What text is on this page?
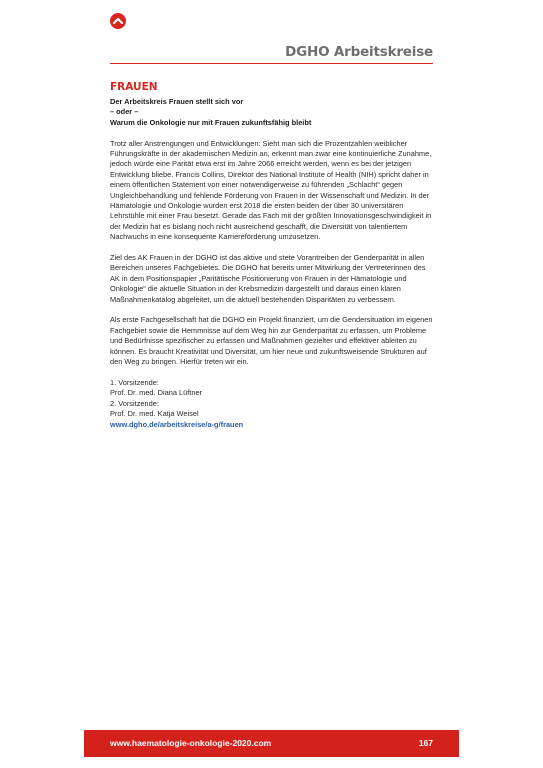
DGHO Arbeitskreise
FRAUEN
Der Arbeitskreis Frauen stellt sich vor
– oder –
Warum die Onkologie nur mit Frauen zukunftsfähig bleibt

Trotz aller Anstrengungen und Entwicklungen: Sieht man sich die Prozentzahlen weiblicher Führungskräfte in der akademischen Medizin an, erkennt man zwar eine kontinuierliche Zunahme, jedoch würde eine Parität etwa erst im Jahre 2066 erreicht werden, wenn es bei der jetzigen Entwicklung bliebe. Francis Collins, Direktor des National Institute of Health (NIH) spricht daher in einem öffentlichen Statement von einer notwendigerweise zu führenden „Schlacht“ gegen Ungleichbehandlung und fehlende Förderung von Frauen in der Wissenschaft und Medizin. In der Hämatologie und Onkologie wurden erst 2018 die ersten beiden der über 30 universitären Lehrstühle mit einer Frau besetzt. Gerade das Fach mit der größten Innovationsgeschwindigkeit in der Medizin hat es bislang noch nicht ausreichend geschafft, die Diversität von talentiertem Nachwuchs in eine konsequente Karriereförderung umzusetzen.

Ziel des AK Frauen in der DGHO ist das aktive und stete Vorantreiben der Genderparität in allen Bereichen unseres Fachgebietes. Die DGHO hat bereits unter Mitwirkung der Vertreterinnen des AK in dem Positionspapier „Paritätische Positionierung von Frauen in der Hämatologie und Onkologie“ die aktuelle Situation in der Krebsmedizin dargestellt und daraus einen klaren Maßnahmenkatalog abgeleitet, um die aktuell bestehenden Disparitäten zu verbessern.

Als erste Fachgesellschaft hat die DGHO ein Projekt finanziert, um die Gendersituation im eigenen Fachgebiet sowie die Hemmnisse auf dem Weg hin zur Genderparität zu erfassen, um Probleme und Bedürfnisse spezifischer zu erfassen und Maßnahmen gezielter und effektiver ableiten zu können. Es braucht Kreativität und Diversität, um hier neue und zukunftsweisende Strukturen auf den Weg zu bringen. Hierfür treten wir ein.

1. Vorsitzende:
Prof. Dr. med. Diana Lüftner
2. Vorsitzende:
Prof. Dr. med. Katja Weisel
www.dgho.de/arbeitskreise/a-g/frauen
www.haematologie-onkologie-2020.com	167
